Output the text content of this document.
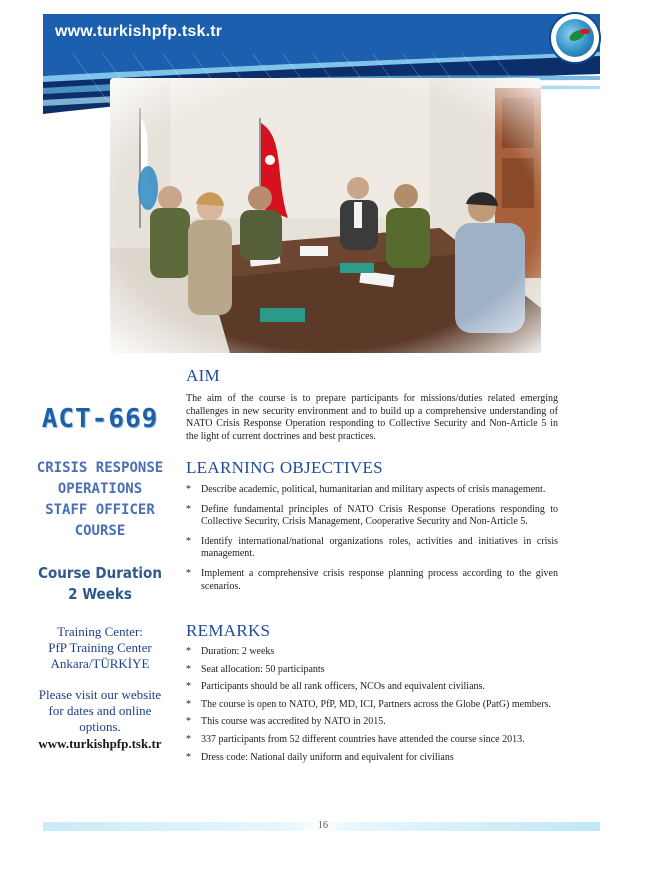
www.turkishpfp.tsk.tr
ACT-669
CRISIS RESPONSE
OPERATIONS
STAFF OFFICER
COURSE
Course Duration
2 Weeks
Training Center:
PfP Training Center
Ankara/TÜRKİYE
Please visit our website
for dates and online
options.
www.turkishpfp.tsk.tr
AIM
The aim of the course is to prepare participants for missions/duties related emerging challenges in new security environment and to build up a comprehensive understanding of NATO Crisis Response Operation responding to Collective Security and Non-Article 5 in the light of current doctrines and best practices.
LEARNING OBJECTIVES
* Describe academic, political, humanitarian and military aspects of crisis management.
* Define fundamental principles of NATO Crisis Response Operations responding to Collective Security, Crisis Management, Cooperative Security and Non-Article 5.
* Identify international/national organizations roles, activities and initiatives in crisis management.
* Implement a comprehensive crisis response planning process according to the given scenarios.
REMARKS
* Duration: 2 weeks
* Seat allocation: 50 participants
* Participants should be all rank officers, NCOs and equivalent civilians.
* The course is open to NATO, PfP, MD, ICI, Partners across the Globe (PatG) members.
* This course was accredited by NATO in 2015.
* 337 participants from 52 different countries have attended the course since 2013.
* Dress code: National daily uniform and equivalent for civilians
16
